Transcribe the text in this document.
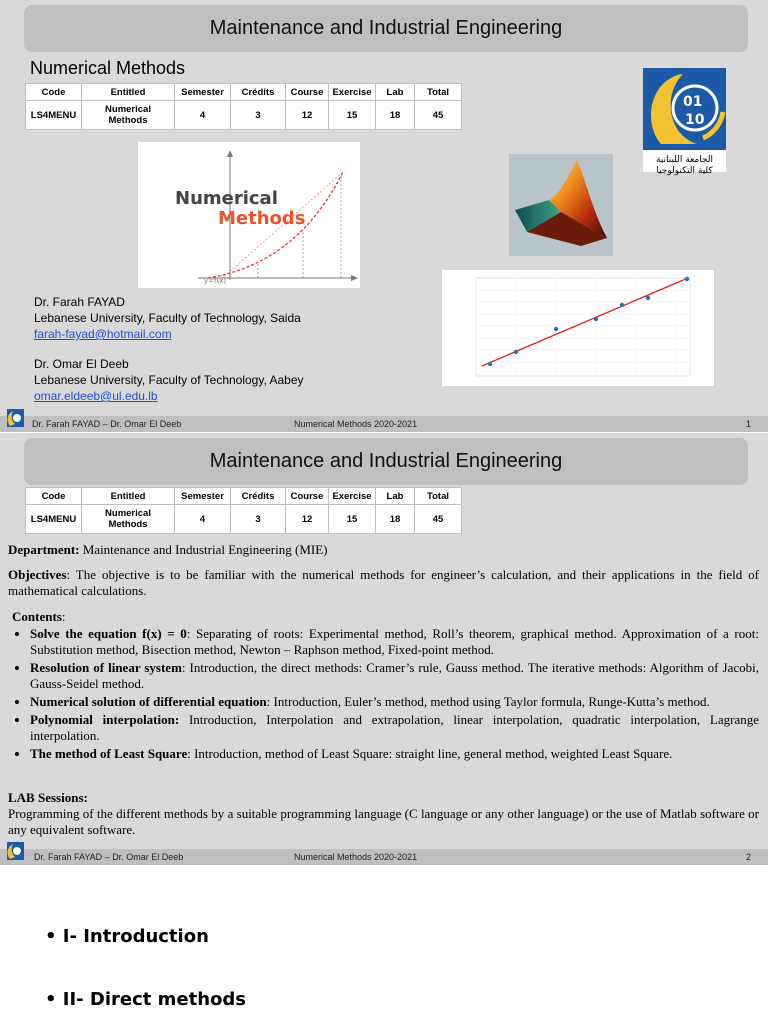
Maintenance and Industrial Engineering
Numerical Methods
Code	Entitled	Semester	Crédits	Course	Exercise	Lab	Total
LS4MENU	Numerical Methods	4	3	12	15	18	45
Numerical
Methods
y=f(x)
01
10
الجامعة اللبنانية
كلية التكنولوجيا
Dr. Farah FAYAD
Lebanese University, Faculty of Technology, Saida
farah-fayad@hotmail.com
Dr. Omar El Deeb
Lebanese University, Faculty of Technology, Aabey
omar.eldeeb@ul.edu.lb
Dr. Farah FAYAD – Dr. Omar El Deeb	Numerical Methods 2020-2021	1
Maintenance and Industrial Engineering
Code	Entitled	Semester	Crédits	Course	Exercise	Lab	Total
LS4MENU	Numerical Methods	4	3	12	15	18	45
Department: Maintenance and Industrial Engineering (MIE)
Objectives: The objective is to be familiar with the numerical methods for engineer’s calculation, and their applications in the field of mathematical calculations.
Contents:
• Solve the equation f(x) = 0: Separating of roots: Experimental method, Roll’s theorem, graphical method. Approximation of a root: Substitution method, Bisection method, Newton – Raphson method, Fixed-point method.
• Resolution of linear system: Introduction, the direct methods: Cramer’s rule, Gauss method. The iterative methods: Algorithm of Jacobi, Gauss-Seidel method.
• Numerical solution of differential equation: Introduction, Euler’s method, method using Taylor formula, Runge-Kutta’s method.
• Polynomial interpolation: Introduction, Interpolation and extrapolation, linear interpolation, quadratic interpolation, Lagrange interpolation.
• The method of Least Square: Introduction, method of Least Square: straight line, general method, weighted Least Square.
LAB Sessions:
Programming of the different methods by a suitable programming language (C language or any other language) or the use of Matlab software or any equivalent software.
Dr. Farah FAYAD – Dr. Omar El Deeb	Numerical Methods 2020-2021	2
• I- Introduction
• II- Direct methods
